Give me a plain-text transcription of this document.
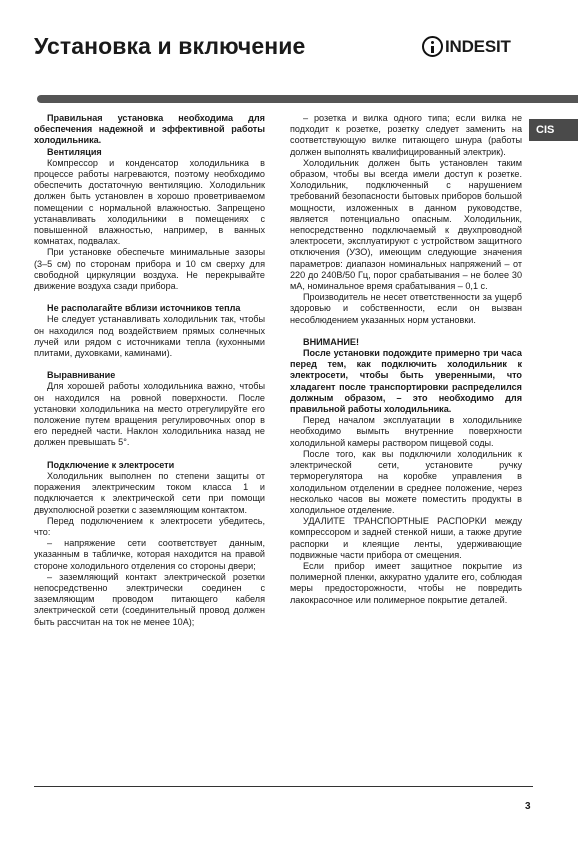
Установка и включение	INDESIT
CIS

Правильная установка необходима для обеспечения надежной и эффективной работы холодильника.

Вентиляция

Компрессор и конденсатор холодильника в процессе работы нагреваются, поэтому необходимо обеспечить достаточную вентиляцию. Холодильник должен быть установлен в хорошо проветриваемом помещении с нормальной влажностью. Запрещено устанавливать холодильники в помещениях с повышенной влажностью, например, в ванных комнатах, подвалах.

При установке обеспечьте минимальные зазоры (3–5 см) по сторонам прибора и 10 см сверху для свободной циркуляции воздуха. Не перекрывайте движение воздуха сзади прибора.

Не располагайте вблизи источников тепла

Не следует устанавливать холодильник так, чтобы он находился под воздействием прямых солнечных лучей или рядом с источниками тепла (кухонными плитами, духовками, каминами).

Выравнивание

Для хорошей работы холодильника важно, чтобы он находился на ровной поверхности. После установки холодильника на место отрегулируйте его положение путем вращения регулировочных опор в его передней части. Наклон холодильника назад не должен превышать 5°.

Подключение к электросети

Холодильник выполнен по степени защиты от поражения электрическим током класса 1 и подключается к электрической сети при помощи двухполюсной розетки с заземляющим контактом.

Перед подключением к электросети убедитесь, что:

– напряжение сети соответствует данным, указанным в табличке, которая находится на правой стороне холодильного отделения со стороны двери;

– заземляющий контакт электрической розетки непосредственно электрически соединен с заземляющим проводом питающего кабеля электрической сети (соединительный провод должен быть рассчитан на ток не менее 10А);

– розетка и вилка одного типа; если вилка не подходит к розетке, розетку следует заменить на соответствующую вилке питающего шнура (работы должен выполнять квалифицированный электрик).

Холодильник должен быть установлен таким образом, чтобы вы всегда имели доступ к розетке. Холодильник, подключенный с нарушением требований безопасности бытовых приборов большой мощности, изложенных в данном руководстве, является потенциально опасным. Холодильник, непосредственно подключаемый к двухпроводной электросети, эксплуатируют с устройством защитного отключения (УЗО), имеющим следующие значения параметров: диапазон номинальных напряжений – от 220 до 240В/50 Гц, порог срабатывания – не более 30 мА, номинальное время срабатывания – 0,1 с.

Производитель не несет ответственности за ущерб здоровью и собственности, если он вызван несоблюдением указанных норм установки.

ВНИМАНИЕ!

После установки подождите примерно три часа перед тем, как подключить холодильник к электросети, чтобы быть уверенными, что хладагент после транспортировки распределился должным образом, – это необходимо для правильной работы холодильника.

Перед началом эксплуатации в холодильнике необходимо вымыть внутренние поверхности холодильной камеры раствором пищевой соды.

После того, как вы подключили холодильник к электрической сети, установите ручку терморегулятора на коробке управления в холодильном отделении в среднее положение, через несколько часов вы можете поместить продукты в холодильное отделение.

УДАЛИТЕ ТРАНСПОРТНЫЕ РАСПОРКИ между компрессором и задней стенкой ниши, а также другие распорки и клеящие ленты, удерживающие подвижные части прибора от смещения.

Если прибор имеет защитное покрытие из полимерной пленки, аккуратно удалите его, соблюдая меры предосторожности, чтобы не повредить лакокрасочное или полимерное покрытие деталей.

3
